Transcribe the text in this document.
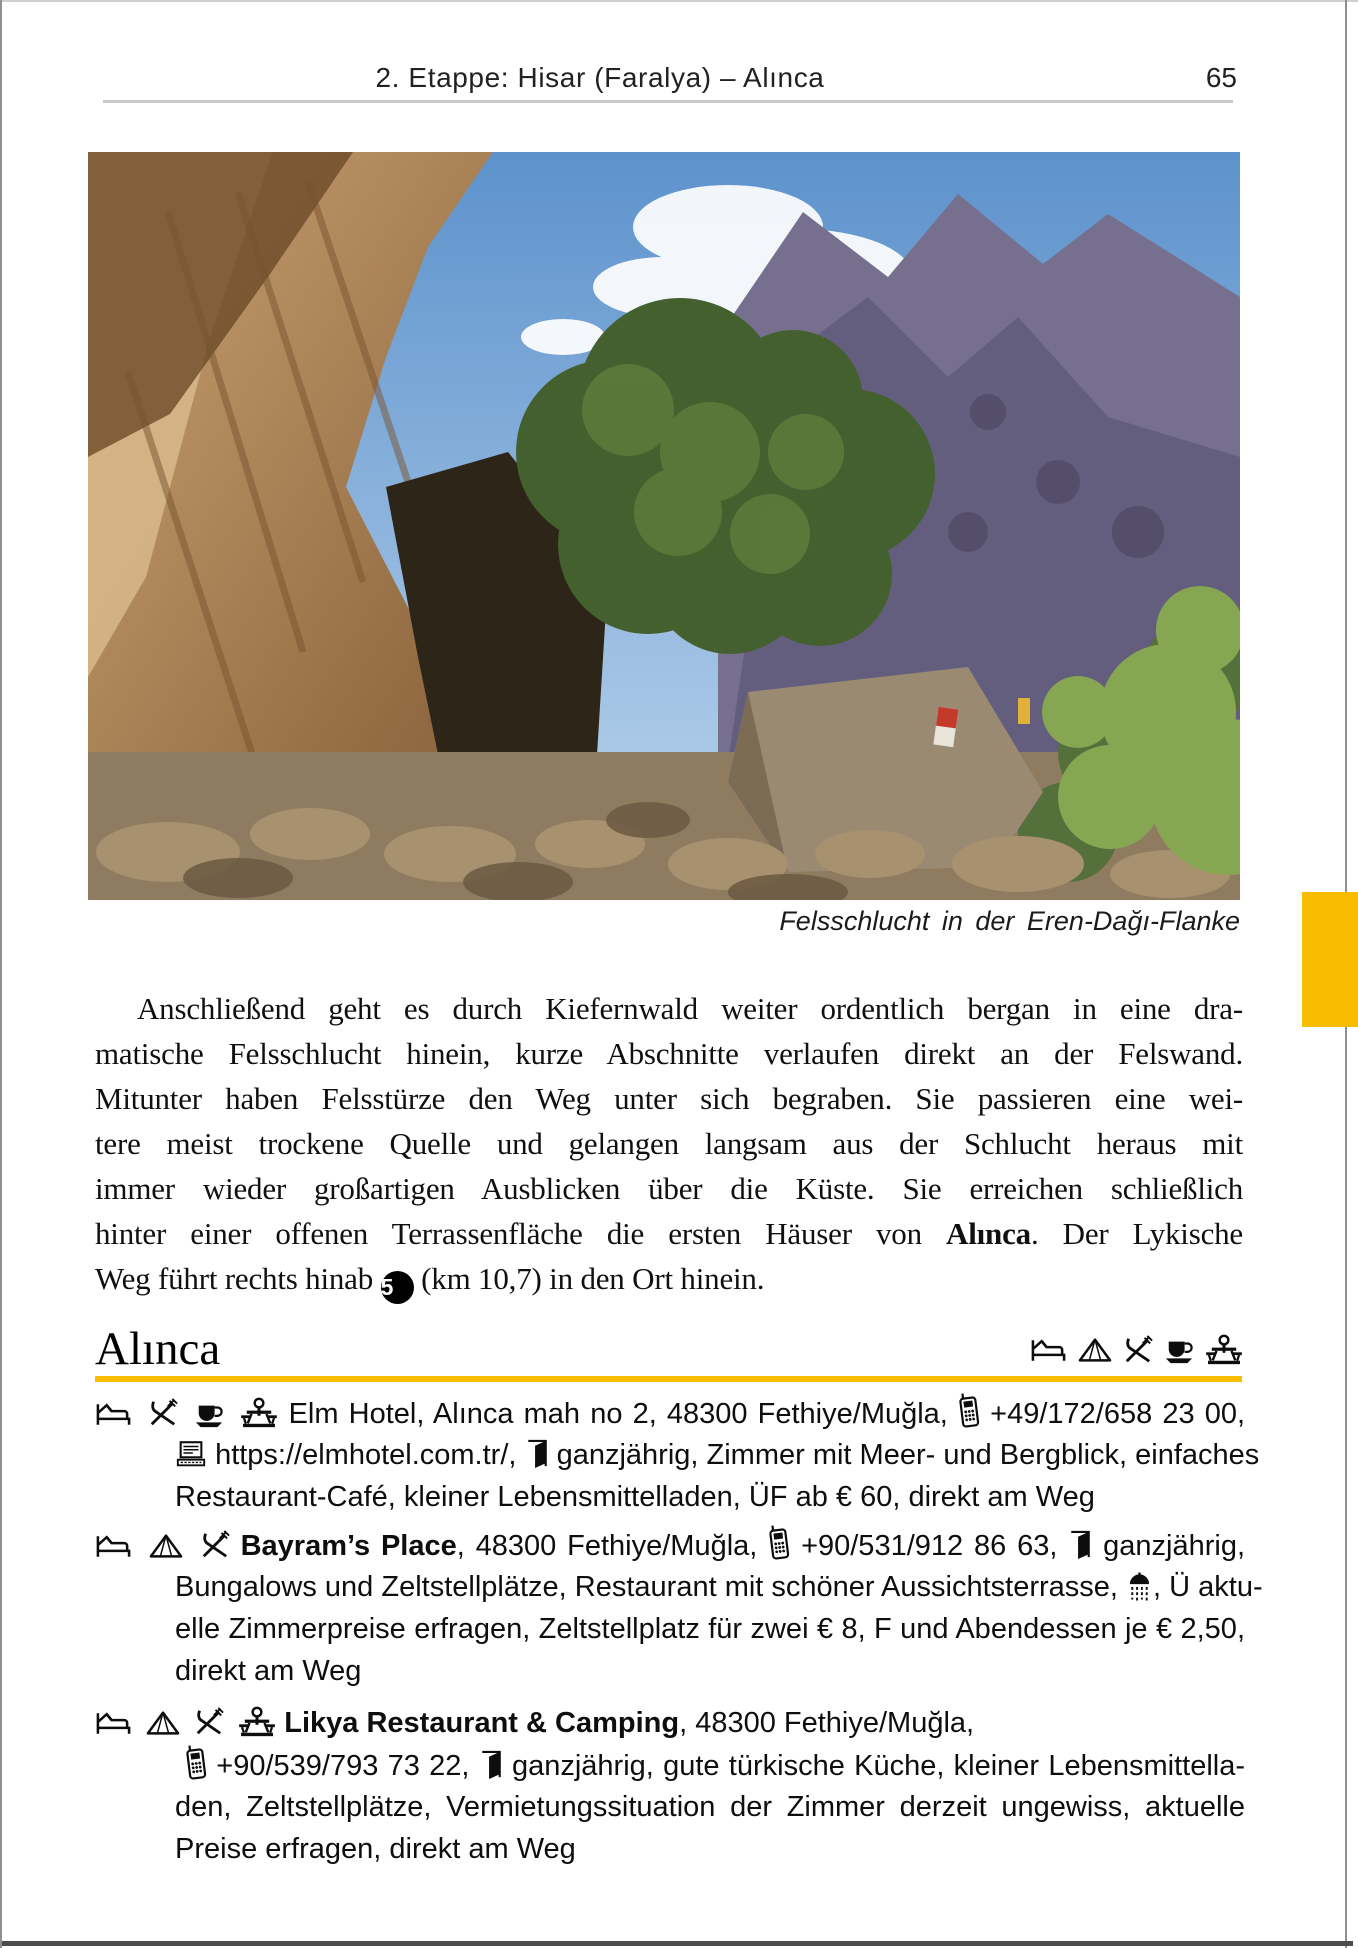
2. Etappe: Hisar (Faralya) – Alınca	65
Felsschlucht in der Eren-Dağı-Flanke
Anschließend geht es durch Kiefernwald weiter ordentlich bergan in eine dra-
matische Felsschlucht hinein, kurze Abschnitte verlaufen direkt an der Felswand.
Mitunter haben Felsstürze den Weg unter sich begraben. Sie passieren eine wei-
tere meist trockene Quelle und gelangen langsam aus der Schlucht heraus mit
immer wieder großartigen Ausblicken über die Küste. Sie erreichen schließlich
hinter einer offenen Terrassenfläche die ersten Häuser von Alınca. Der Lykische
Weg führt rechts hinab 5 (km 10,7) in den Ort hinein.
Alınca
Elm Hotel, Alınca mah no 2, 48300 Fethiye/Muğla, +49/172/658 23 00,
https://elmhotel.com.tr/, ganzjährig, Zimmer mit Meer- und Bergblick, einfaches
Restaurant-Café, kleiner Lebensmittelladen, ÜF ab € 60, direkt am Weg
Bayram’s Place, 48300 Fethiye/Muğla, +90/531/912 86 63, ganzjährig,
Bungalows und Zeltstellplätze, Restaurant mit schöner Aussichtsterrasse, , Ü aktu-
elle Zimmerpreise erfragen, Zeltstellplatz für zwei € 8, F und Abendessen je € 2,50,
direkt am Weg
Likya Restaurant & Camping, 48300 Fethiye/Muğla,
+90/539/793 73 22, ganzjährig, gute türkische Küche, kleiner Lebensmittella-
den, Zeltstellplätze, Vermietungssituation der Zimmer derzeit ungewiss, aktuelle
Preise erfragen, direkt am Weg
